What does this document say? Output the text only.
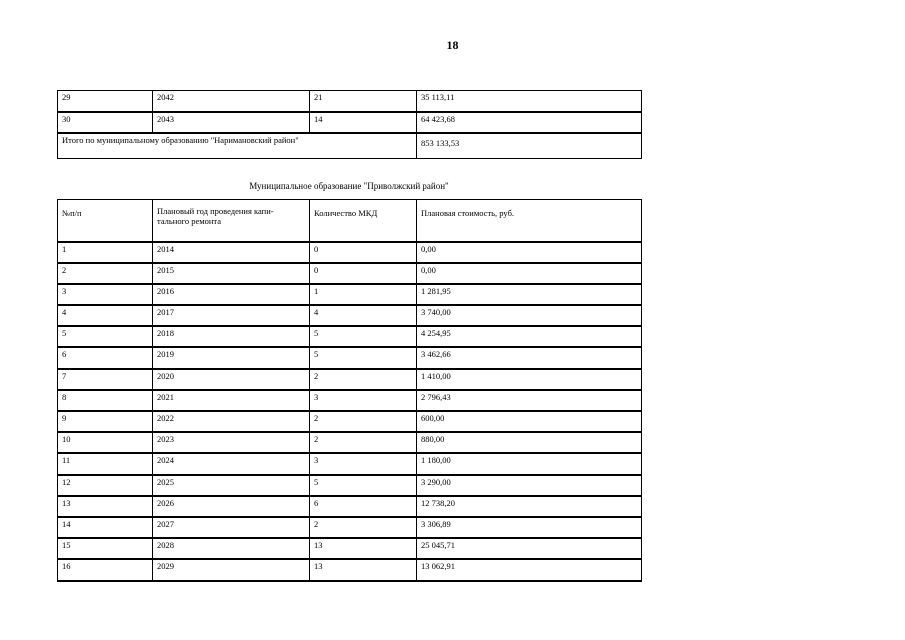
18
29	2042	21	35 113,11
30	2043	14	64 423,68
Итого по муниципальному образованию "Наримановский район"			853 133,53
Муниципальное образование "Приволжский район"
№п/п	Плановый год проведения капи-тального ремонта	Количество МКД	Плановая стоимость, руб.
1	2014	0	0,00
2	2015	0	0,00
3	2016	1	1 281,95
4	2017	4	3 740,00
5	2018	5	4 254,95
6	2019	5	3 462,66
7	2020	2	1 410,00
8	2021	3	2 796,43
9	2022	2	600,00
10	2023	2	880,00
11	2024	3	1 180,00
12	2025	5	3 290,00
13	2026	6	12 738,20
14	2027	2	3 306,89
15	2028	13	25 045,71
16	2029	13	13 062,91
